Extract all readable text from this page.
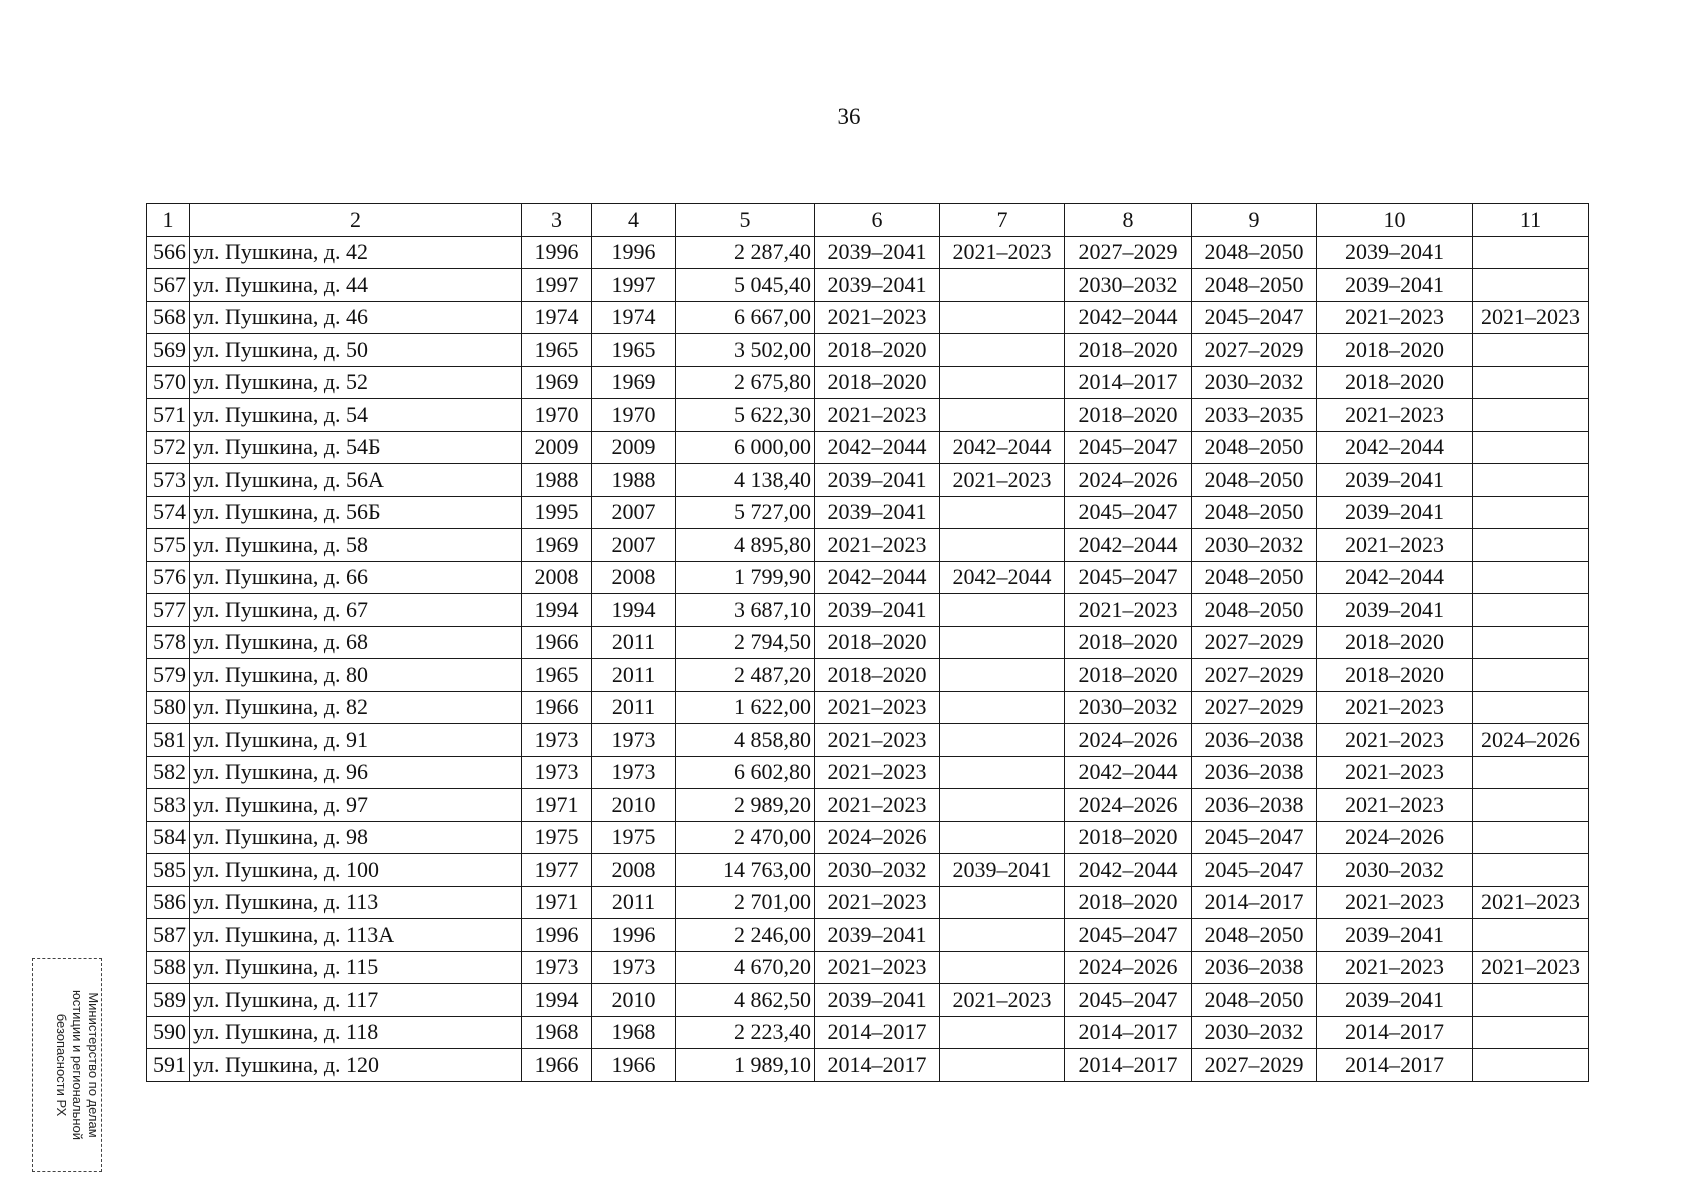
36
1	2	3	4	5	6	7	8	9	10	11
566	ул. Пушкина, д. 42	1996	1996	2 287,40	2039–2041	2021–2023	2027–2029	2048–2050	2039–2041	
567	ул. Пушкина, д. 44	1997	1997	5 045,40	2039–2041		2030–2032	2048–2050	2039–2041	
568	ул. Пушкина, д. 46	1974	1974	6 667,00	2021–2023		2042–2044	2045–2047	2021–2023	2021–2023
569	ул. Пушкина, д. 50	1965	1965	3 502,00	2018–2020		2018–2020	2027–2029	2018–2020	
570	ул. Пушкина, д. 52	1969	1969	2 675,80	2018–2020		2014–2017	2030–2032	2018–2020	
571	ул. Пушкина, д. 54	1970	1970	5 622,30	2021–2023		2018–2020	2033–2035	2021–2023	
572	ул. Пушкина, д. 54Б	2009	2009	6 000,00	2042–2044	2042–2044	2045–2047	2048–2050	2042–2044	
573	ул. Пушкина, д. 56А	1988	1988	4 138,40	2039–2041	2021–2023	2024–2026	2048–2050	2039–2041	
574	ул. Пушкина, д. 56Б	1995	2007	5 727,00	2039–2041		2045–2047	2048–2050	2039–2041	
575	ул. Пушкина, д. 58	1969	2007	4 895,80	2021–2023		2042–2044	2030–2032	2021–2023	
576	ул. Пушкина, д. 66	2008	2008	1 799,90	2042–2044	2042–2044	2045–2047	2048–2050	2042–2044	
577	ул. Пушкина, д. 67	1994	1994	3 687,10	2039–2041		2021–2023	2048–2050	2039–2041	
578	ул. Пушкина, д. 68	1966	2011	2 794,50	2018–2020		2018–2020	2027–2029	2018–2020	
579	ул. Пушкина, д. 80	1965	2011	2 487,20	2018–2020		2018–2020	2027–2029	2018–2020	
580	ул. Пушкина, д. 82	1966	2011	1 622,00	2021–2023		2030–2032	2027–2029	2021–2023	
581	ул. Пушкина, д. 91	1973	1973	4 858,80	2021–2023		2024–2026	2036–2038	2021–2023	2024–2026
582	ул. Пушкина, д. 96	1973	1973	6 602,80	2021–2023		2042–2044	2036–2038	2021–2023	
583	ул. Пушкина, д. 97	1971	2010	2 989,20	2021–2023		2024–2026	2036–2038	2021–2023	
584	ул. Пушкина, д. 98	1975	1975	2 470,00	2024–2026		2018–2020	2045–2047	2024–2026	
585	ул. Пушкина, д. 100	1977	2008	14 763,00	2030–2032	2039–2041	2042–2044	2045–2047	2030–2032	
586	ул. Пушкина, д. 113	1971	2011	2 701,00	2021–2023		2018–2020	2014–2017	2021–2023	2021–2023
587	ул. Пушкина, д. 113А	1996	1996	2 246,00	2039–2041		2045–2047	2048–2050	2039–2041	
588	ул. Пушкина, д. 115	1973	1973	4 670,20	2021–2023		2024–2026	2036–2038	2021–2023	2021–2023
589	ул. Пушкина, д. 117	1994	2010	4 862,50	2039–2041	2021–2023	2045–2047	2048–2050	2039–2041	
590	ул. Пушкина, д. 118	1968	1968	2 223,40	2014–2017		2014–2017	2030–2032	2014–2017	
591	ул. Пушкина, д. 120	1966	1966	1 989,10	2014–2017		2014–2017	2027–2029	2014–2017	
Министерство по делам
юстиции и региональной
безопасности РХ
